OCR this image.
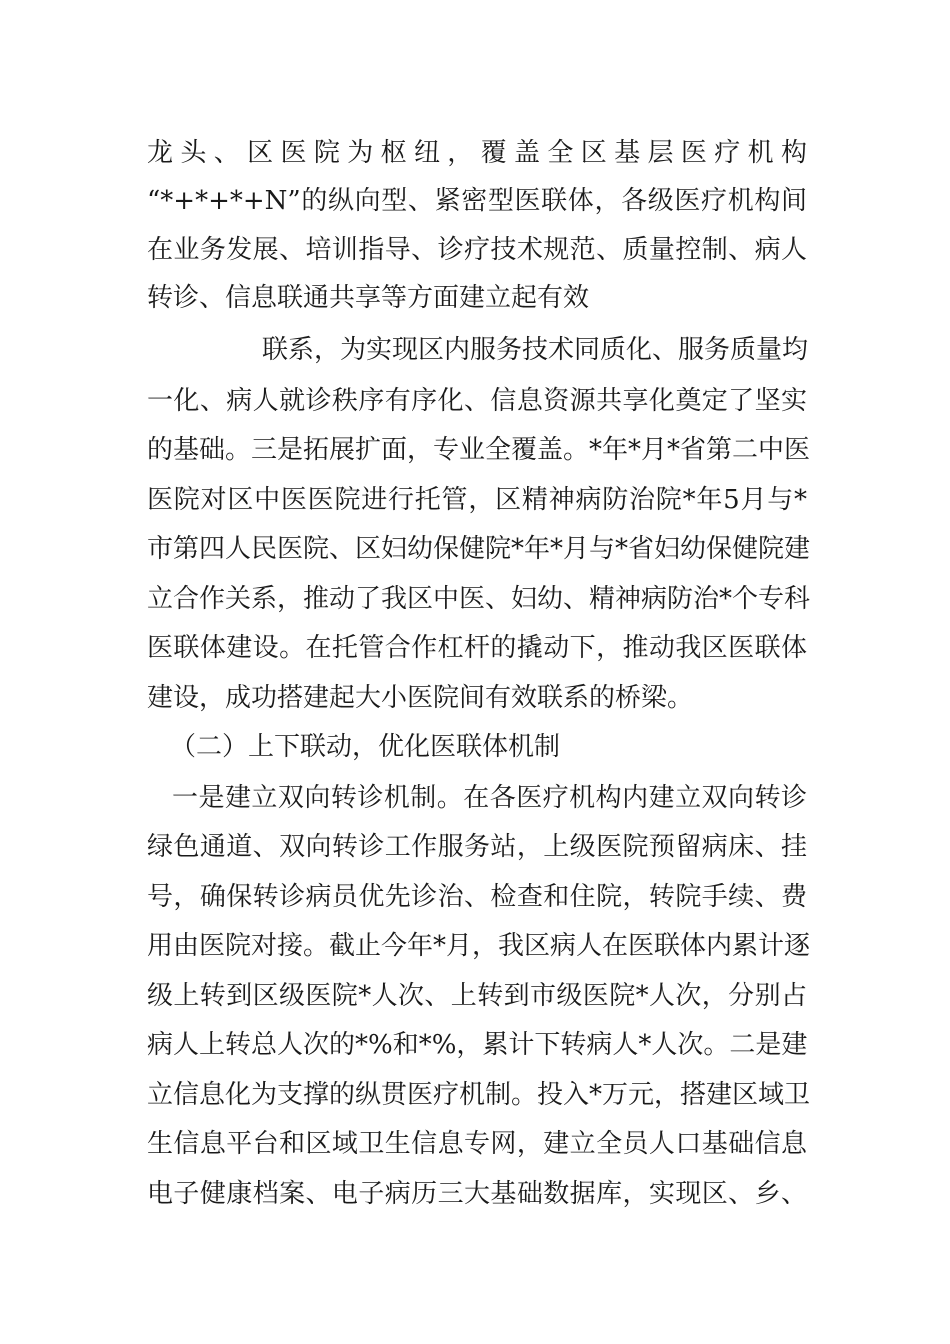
龙头、区医院为枢纽，覆盖全区基层医疗机构
“*+*+*+N”的纵向型、紧密型医联体，各级医疗机构间
在业务发展、培训指导、诊疗技术规范、质量控制、病人
转诊、信息联通共享等方面建立起有效
联系，为实现区内服务技术同质化、服务质量均
一化、病人就诊秩序有序化、信息资源共享化奠定了坚实
的基础。三是拓展扩面，专业全覆盖。*年*月*省第二中医
医院对区中医医院进行托管，区精神病防治院*年5月与*
市第四人民医院、区妇幼保健院*年*月与*省妇幼保健院建
立合作关系，推动了我区中医、妇幼、精神病防治*个专科
医联体建设。在托管合作杠杆的撬动下，推动我区医联体
建设，成功搭建起大小医院间有效联系的桥梁。
（二）上下联动，优化医联体机制
一是建立双向转诊机制。在各医疗机构内建立双向转诊
绿色通道、双向转诊工作服务站，上级医院预留病床、挂
号，确保转诊病员优先诊治、检查和住院，转院手续、费
用由医院对接。截止今年*月，我区病人在医联体内累计逐
级上转到区级医院*人次、上转到市级医院*人次，分别占
病人上转总人次的*%和*%，累计下转病人*人次。二是建
立信息化为支撑的纵贯医疗机制。投入*万元，搭建区域卫
生信息平台和区域卫生信息专网，建立全员人口基础信息
电子健康档案、电子病历三大基础数据库，实现区、乡、
